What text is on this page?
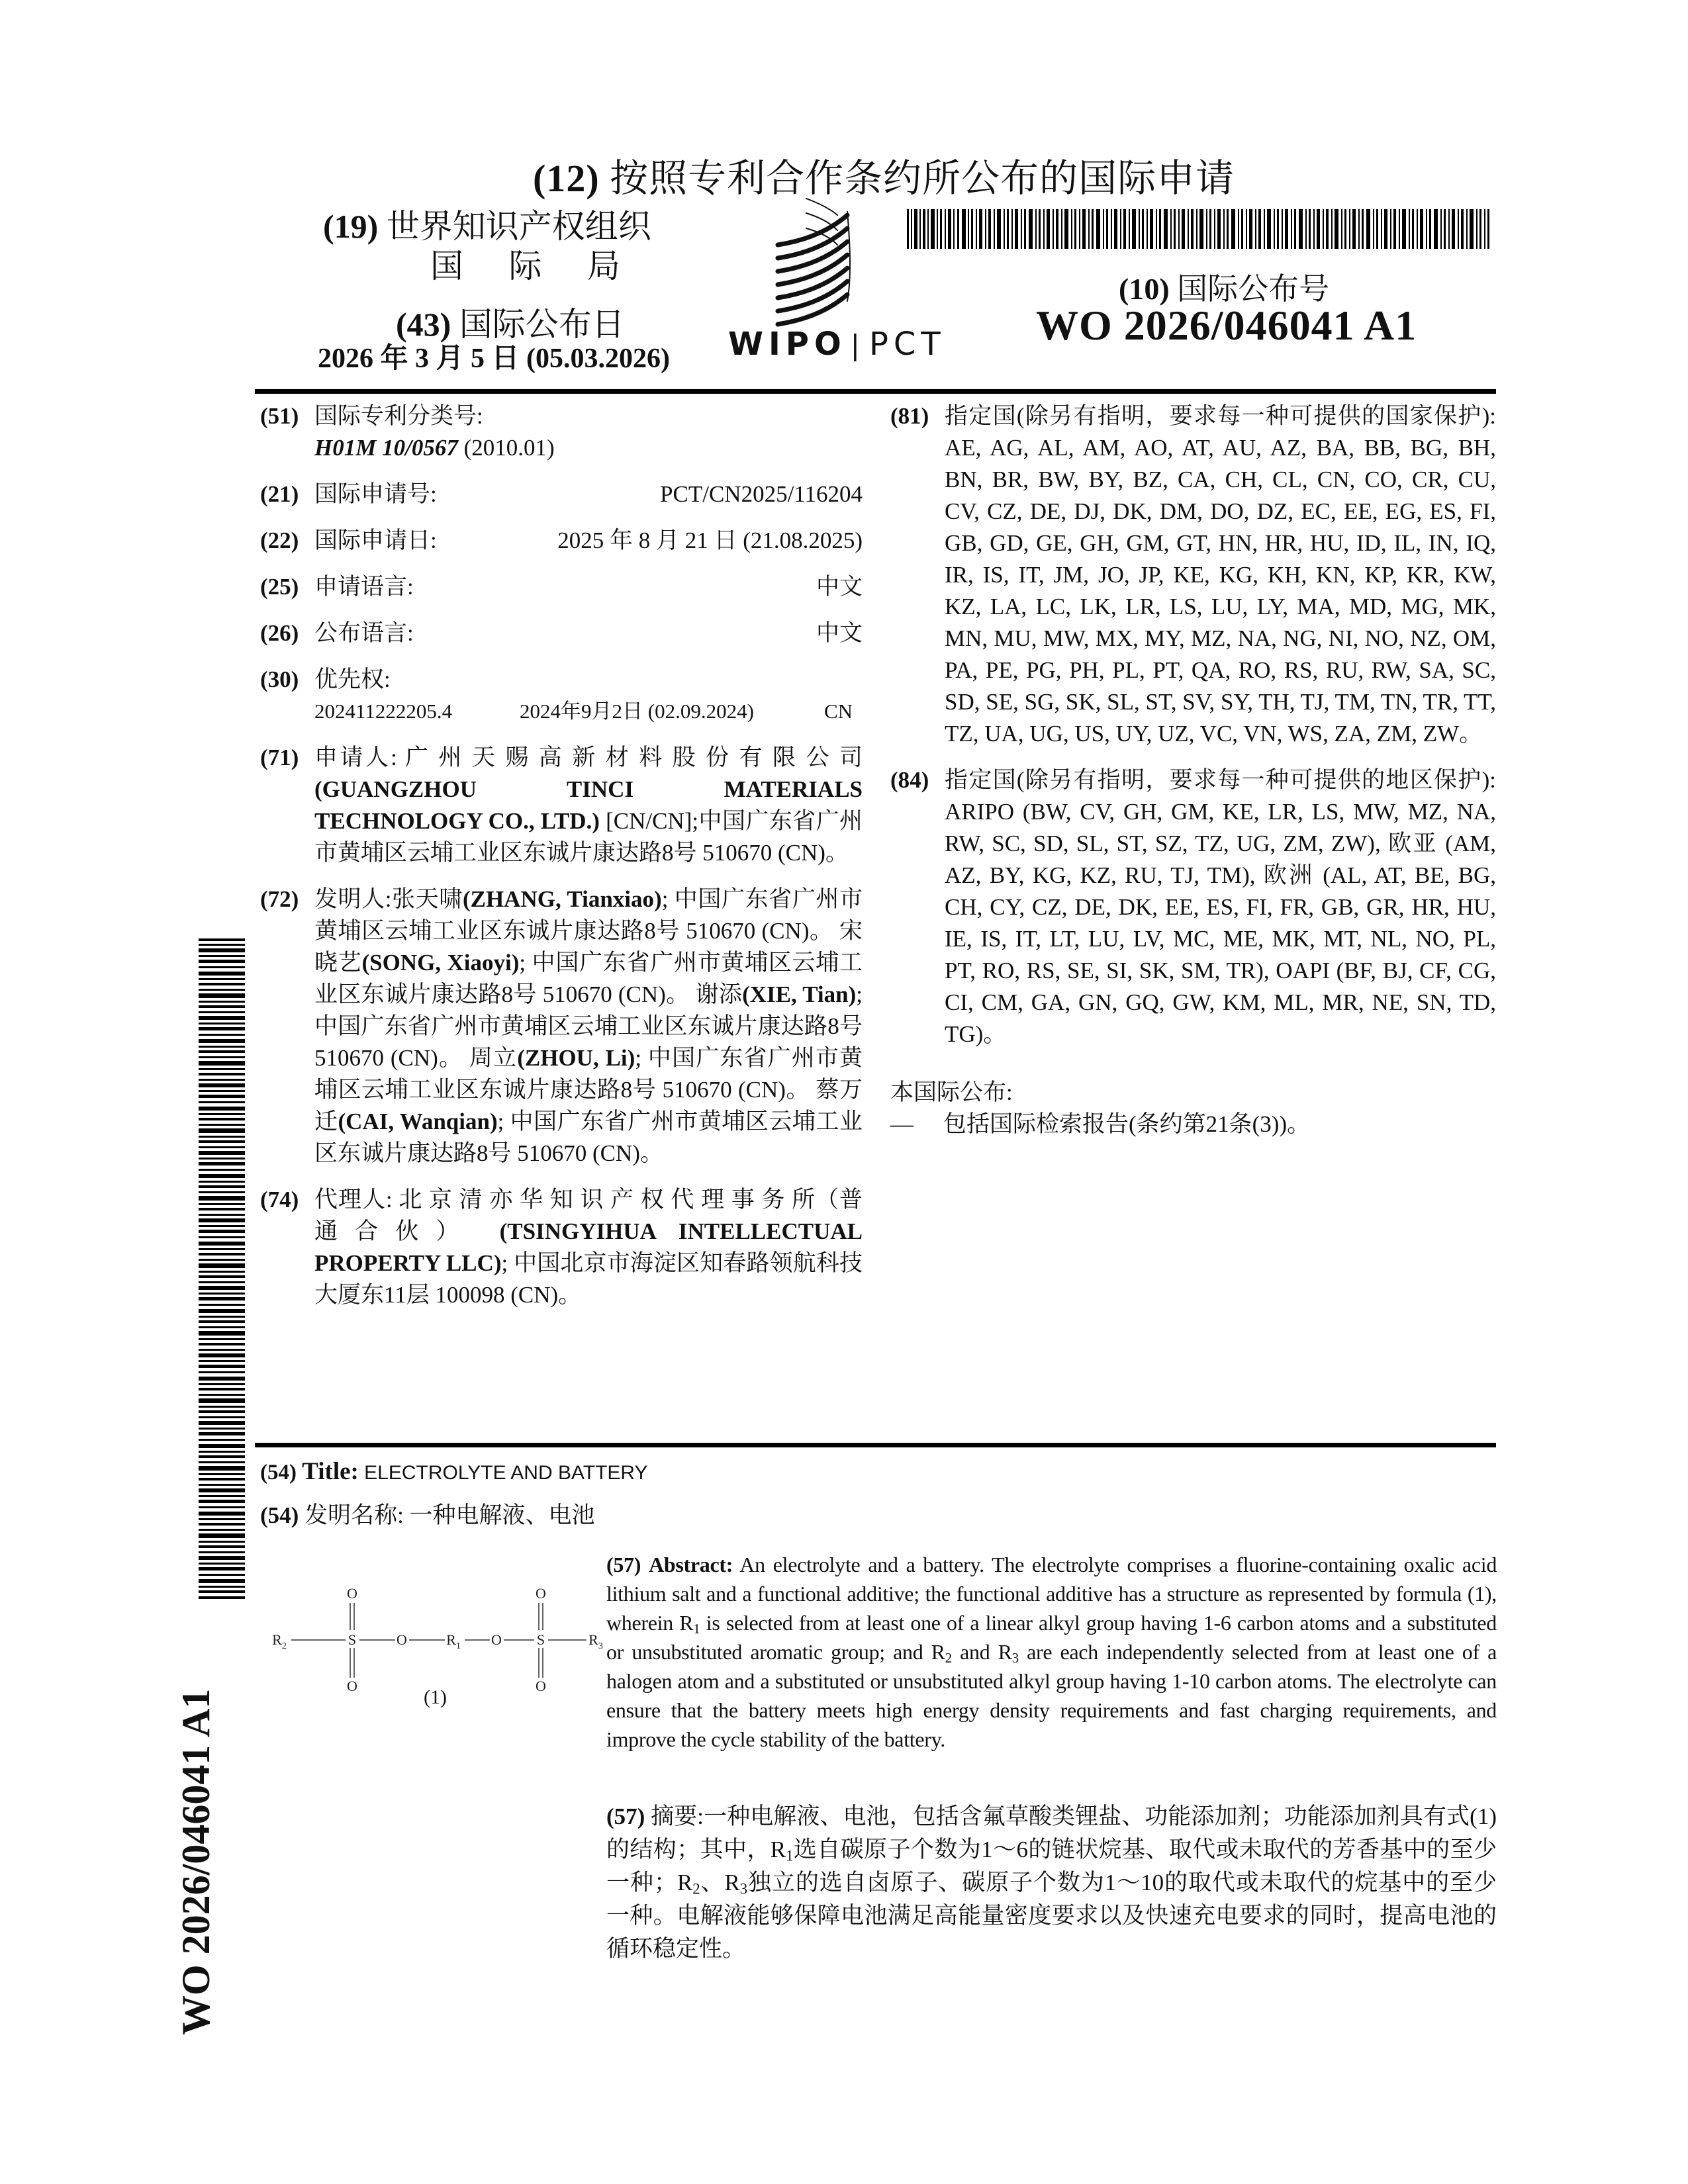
(12) 按照专利合作条约所公布的国际申请
(19) 世界知识产权组织
国 际 局
(43) 国际公布日
2026 年 3 月 5 日 (05.03.2026) WIPO | PCT
(10) 国际公布号
WO 2026/046041 A1
(51) 国际专利分类号:
H01M 10/0567 (2010.01)
(21) 国际申请号:	PCT/CN2025/116204
(22) 国际申请日:	2025 年 8 月 21 日 (21.08.2025)
(25) 申请语言:	中文
(26) 公布语言:	中文
(30) 优先权:
202411222205.4	2024年9月2日 (02.09.2024)	CN
(71) 申请人: 广 州 天 赐 高 新 材 料 股 份 有 限 公 司 (GUANGZHOU TINCI MATERIALS TECHNOLOGY CO., LTD.) [CN/CN];中国广东省广州市黄埔区云埔工业区东诚片康达路8号 510670 (CN)。
(72) 发明人:张天啸(ZHANG, Tianxiao); 中国广东省广州市黄埔区云埔工业区东诚片康达路8号 510670 (CN)。 宋晓艺(SONG, Xiaoyi); 中国广东省广州市黄埔区云埔工业区东诚片康达路8号 510670 (CN)。 谢添(XIE, Tian); 中国广东省广州市黄埔区云埔工业区东诚片康达路8号 510670 (CN)。 周立(ZHOU, Li); 中国广东省广州市黄埔区云埔工业区东诚片康达路8号 510670 (CN)。 蔡万迁(CAI, Wanqian); 中国广东省广州市黄埔区云埔工业区东诚片康达路8号 510670 (CN)。
(74) 代理人: 北 京 清 亦 华 知 识 产 权 代 理 事 务 所（普通合伙） (TSINGYIHUA INTELLECTUAL PROPERTY LLC); 中国北京市海淀区知春路领航科技大厦东11层 100098 (CN)。
(81) 指定国(除另有指明，要求每一种可提供的国家保护): AE, AG, AL, AM, AO, AT, AU, AZ, BA, BB, BG, BH, BN, BR, BW, BY, BZ, CA, CH, CL, CN, CO, CR, CU, CV, CZ, DE, DJ, DK, DM, DO, DZ, EC, EE, EG, ES, FI, GB, GD, GE, GH, GM, GT, HN, HR, HU, ID, IL, IN, IQ, IR, IS, IT, JM, JO, JP, KE, KG, KH, KN, KP, KR, KW, KZ, LA, LC, LK, LR, LS, LU, LY, MA, MD, MG, MK, MN, MU, MW, MX, MY, MZ, NA, NG, NI, NO, NZ, OM, PA, PE, PG, PH, PL, PT, QA, RO, RS, RU, RW, SA, SC, SD, SE, SG, SK, SL, ST, SV, SY, TH, TJ, TM, TN, TR, TT, TZ, UA, UG, US, UY, UZ, VC, VN, WS, ZA, ZM, ZW。
(84) 指定国(除另有指明，要求每一种可提供的地区保护): ARIPO (BW, CV, GH, GM, KE, LR, LS, MW, MZ, NA, RW, SC, SD, SL, ST, SZ, TZ, UG, ZM, ZW), 欧亚 (AM, AZ, BY, KG, KZ, RU, TJ, TM), 欧洲 (AL, AT, BE, BG, CH, CY, CZ, DE, DK, EE, ES, FI, FR, GB, GR, HR, HU, IE, IS, IT, LT, LU, LV, MC, ME, MK, MT, NL, NO, PL, PT, RO, RS, SE, SI, SK, SM, TR), OAPI (BF, BJ, CF, CG, CI, CM, GA, GN, GQ, GW, KM, ML, MR, NE, SN, TD, TG)。
本国际公布:
— 包括国际检索报告(条约第21条(3))。
WO 2026/046041 A1
(54) Title: ELECTROLYTE AND BATTERY
(54) 发明名称: 一种电解液、电池
$R_2$	S
O
O
O	$R_1$ O S
O
O
$R_3$
(1)
(57) Abstract: An electrolyte and a battery. The electrolyte comprises a fluorine-containing oxalic acid lithium salt and a functional additive; the functional additive has a structure as represented by formula (1), wherein $R_1$ is selected from at least one of a linear alkyl group having 1-6 carbon atoms and a substituted or unsubstituted aromatic group; and $R_2$ and $R_3$ are each independently selected from at least one of a halogen atom and a substituted or unsubstituted alkyl group having 1-10 carbon atoms. The electrolyte can ensure that the battery meets high energy density requirements and fast charging requirements, and improve the cycle stability of the battery.
(57) 摘要:一种电解液、电池，包括含氟草酸类锂盐、功能添加剂；功能添加剂具有式(1)的结构；其中，$R_1$选自碳原子个数为1～6的链状烷基、取代或未取代的芳香基中的至少一种；$R_2$、$R_3$独立的选自卤原子、碳原子个数为1～10的取代或未取代的烷基中的至少一种。电解液能够保障电池满足高能量密度要求以及快速充电要求的同时，提高电池的循环稳定性。
